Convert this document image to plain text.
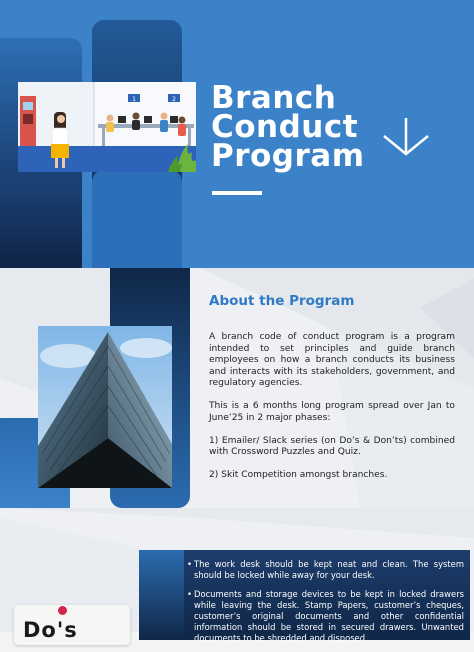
1	2 Branch
Conduct
Program
About the Program

A branch code of conduct program is a program intended to set principles and guide branch employees on how a branch conducts its business and interacts with its stakeholders, government, and regulatory agencies.

This is a 6 months long program spread over Jan to June’25 in 2 major phases:

1) Emailer/ Slack series (on Do’s & Don’ts) combined with Crossword Puzzles and Quiz.

2) Skit Competition amongst branches.

• The work desk should be kept neat and clean. The system should be locked while away for your desk.
• Documents and storage devices to be kept in locked drawers while leaving the desk. Stamp Papers, customer’s cheques, customer’s original documents and other confidential information should be stored in secured drawers. Unwanted documents to be shredded and disposed
Do's
